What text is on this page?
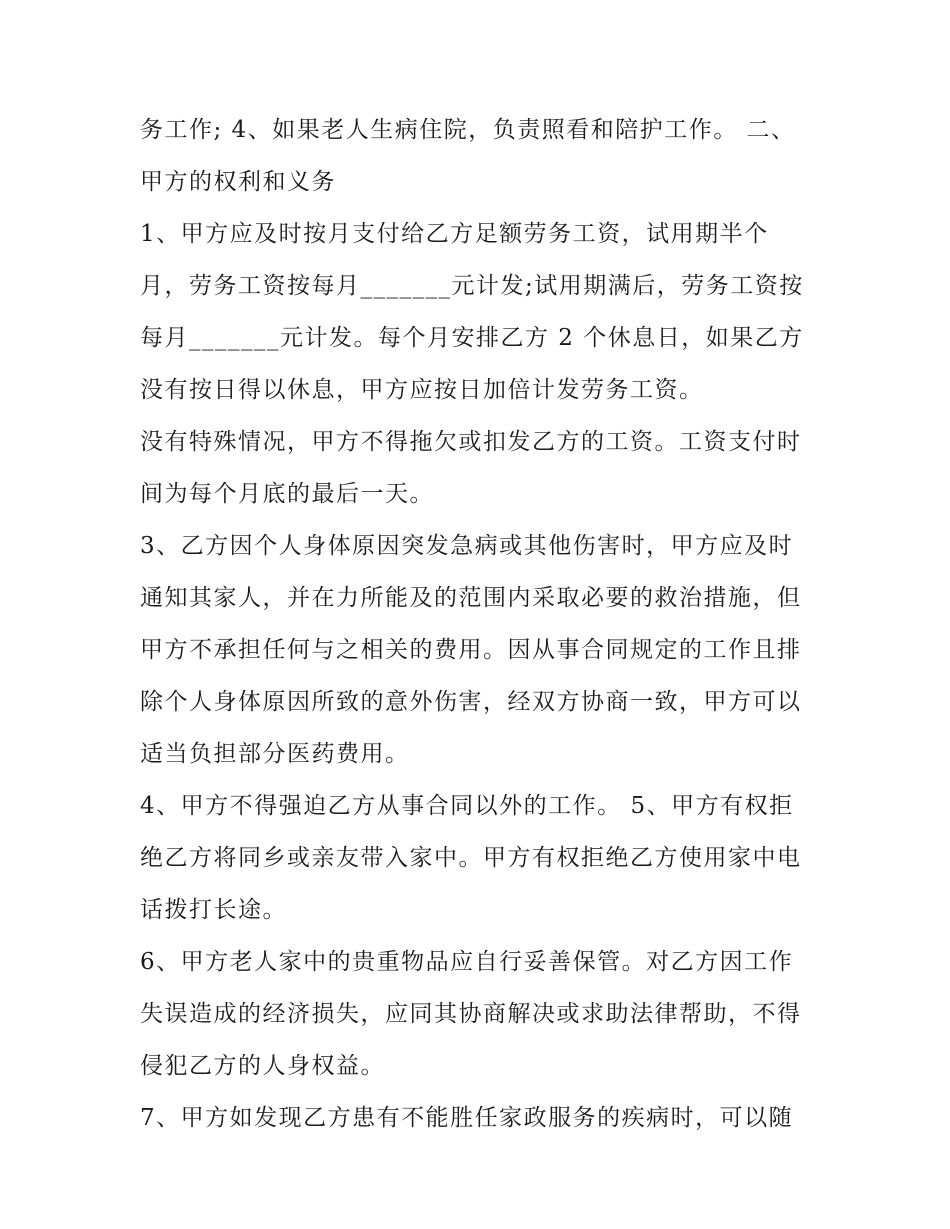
务工作; 4、如果老人生病住院，负责照看和陪护工作。 二、
甲方的权利和义务
1、甲方应及时按月支付给乙方足额劳务工资，试用期半个
月，劳务工资按每月_______元计发;试用期满后，劳务工资按
每月_______元计发。每个月安排乙方 2 个休息日，如果乙方
没有按日得以休息，甲方应按日加倍计发劳务工资。
没有特殊情况，甲方不得拖欠或扣发乙方的工资。工资支付时
间为每个月底的最后一天。
3、乙方因个人身体原因突发急病或其他伤害时，甲方应及时
通知其家人，并在力所能及的范围内采取必要的救治措施，但
甲方不承担任何与之相关的费用。因从事合同规定的工作且排
除个人身体原因所致的意外伤害，经双方协商一致，甲方可以
适当负担部分医药费用。
4、甲方不得强迫乙方从事合同以外的工作。 5、甲方有权拒
绝乙方将同乡或亲友带入家中。甲方有权拒绝乙方使用家中电
话拨打长途。
6、甲方老人家中的贵重物品应自行妥善保管。对乙方因工作
失误造成的经济损失，应同其协商解决或求助法律帮助，不得
侵犯乙方的人身权益。
7、甲方如发现乙方患有不能胜任家政服务的疾病时，可以随
